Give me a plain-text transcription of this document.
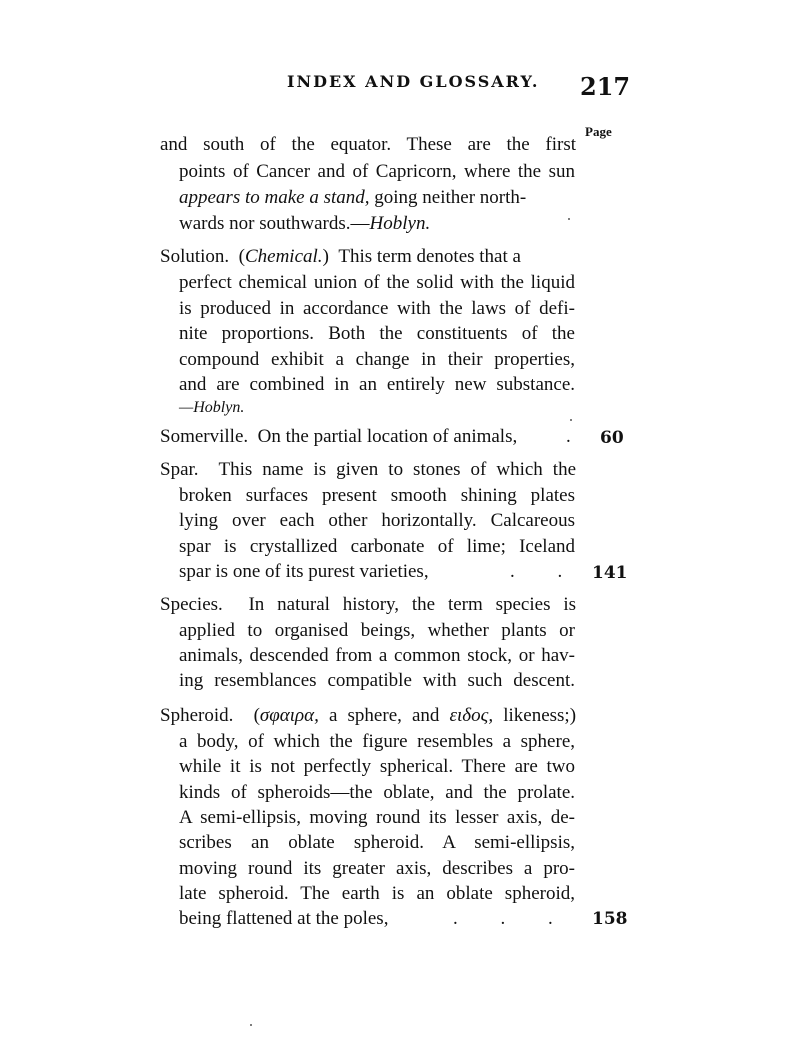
INDEX AND GLOSSARY. 217
Page
and south of the equator. These are the first
points of Cancer and of Capricorn, where the sun
appears to make a stand, going neither north-
wards nor southwards.—Hoblyn.
Solution.  (Chemical.)  This term denotes that a
perfect chemical union of the solid with the liquid
is produced in accordance with the laws of defi-
nite proportions. Both the constituents of the
compound exhibit a change in their properties,
and are combined in an entirely new substance.
—Hoblyn.
Somerville. On the partial location of animals,	. 60
Spar. This name is given to stones of which the
broken surfaces present smooth shining plates
lying over each other horizontally. Calcareous
spar is crystallized carbonate of lime; Iceland
spar is one of its purest varieties,	.         . 141
Species. In natural history, the term species is
applied to organised beings, whether plants or
animals, descended from a common stock, or hav-
ing resemblances compatible with such descent.
Spheroid.  (σφαιρα, a sphere, and ειδος, likeness;)
a body, of which the figure resembles a sphere,
while it is not perfectly spherical. There are two
kinds of spheroids—the oblate, and the prolate.
A semi-ellipsis, moving round its lesser axis, de-
scribes an oblate spheroid. A semi-ellipsis,
moving round its greater axis, describes a pro-
late spheroid. The earth is an oblate spheroid,
being flattened at the poles,	.         .         . 158
